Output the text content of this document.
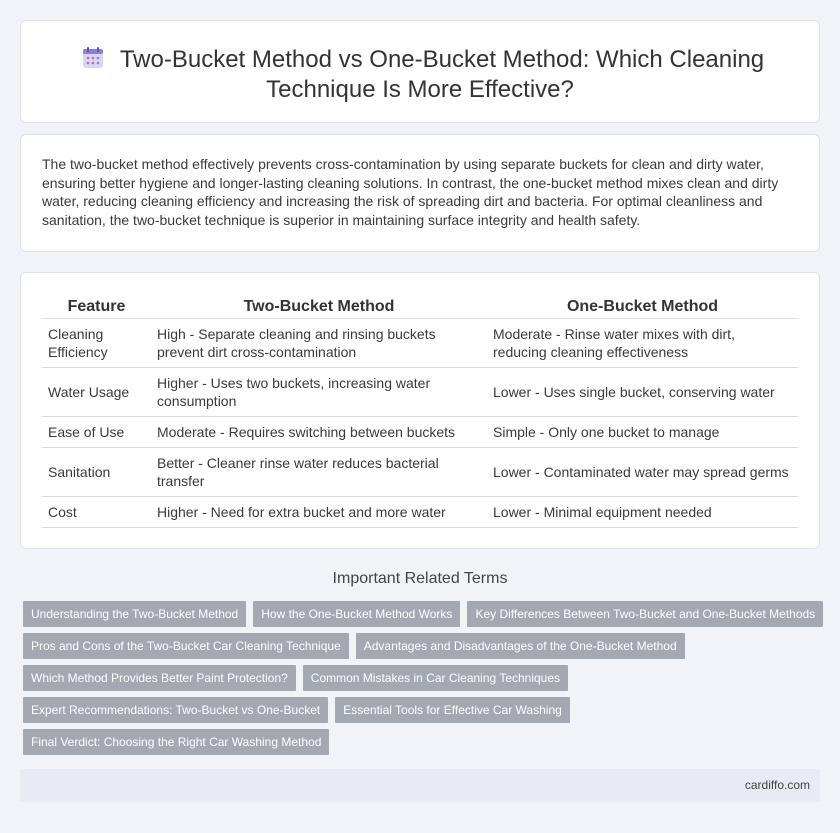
Two-Bucket Method vs One-Bucket Method: Which Cleaning
Technique Is More Effective?

The two-bucket method effectively prevents cross-contamination by using separate buckets for clean and dirty water, ensuring better hygiene and longer-lasting cleaning solutions. In contrast, the one-bucket method mixes clean and dirty water, reducing cleaning efficiency and increasing the risk of spreading dirt and bacteria. For optimal cleanliness and sanitation, the two-bucket technique is superior in maintaining surface integrity and health safety.

Feature	Two-Bucket Method	One-Bucket Method
Cleaning Efficiency	High - Separate cleaning and rinsing buckets prevent dirt cross-contamination	Moderate - Rinse water mixes with dirt, reducing cleaning effectiveness
Water Usage	Higher - Uses two buckets, increasing water consumption	Lower - Uses single bucket, conserving water
Ease of Use	Moderate - Requires switching between buckets	Simple - Only one bucket to manage
Sanitation	Better - Cleaner rinse water reduces bacterial transfer	Lower - Contaminated water may spread germs
Cost	Higher - Need for extra bucket and more water	Lower - Minimal equipment needed
Important Related Terms
Understanding the Two-Bucket Method	How the One-Bucket Method Works	Key Differences Between Two-Bucket and One-Bucket Methods
Pros and Cons of the Two-Bucket Car Cleaning Technique	Advantages and Disadvantages of the One-Bucket Method
Which Method Provides Better Paint Protection?	Common Mistakes in Car Cleaning Techniques
Expert Recommendations: Two-Bucket vs One-Bucket	Essential Tools for Effective Car Washing
Final Verdict: Choosing the Right Car Washing Method
cardiffo.com
